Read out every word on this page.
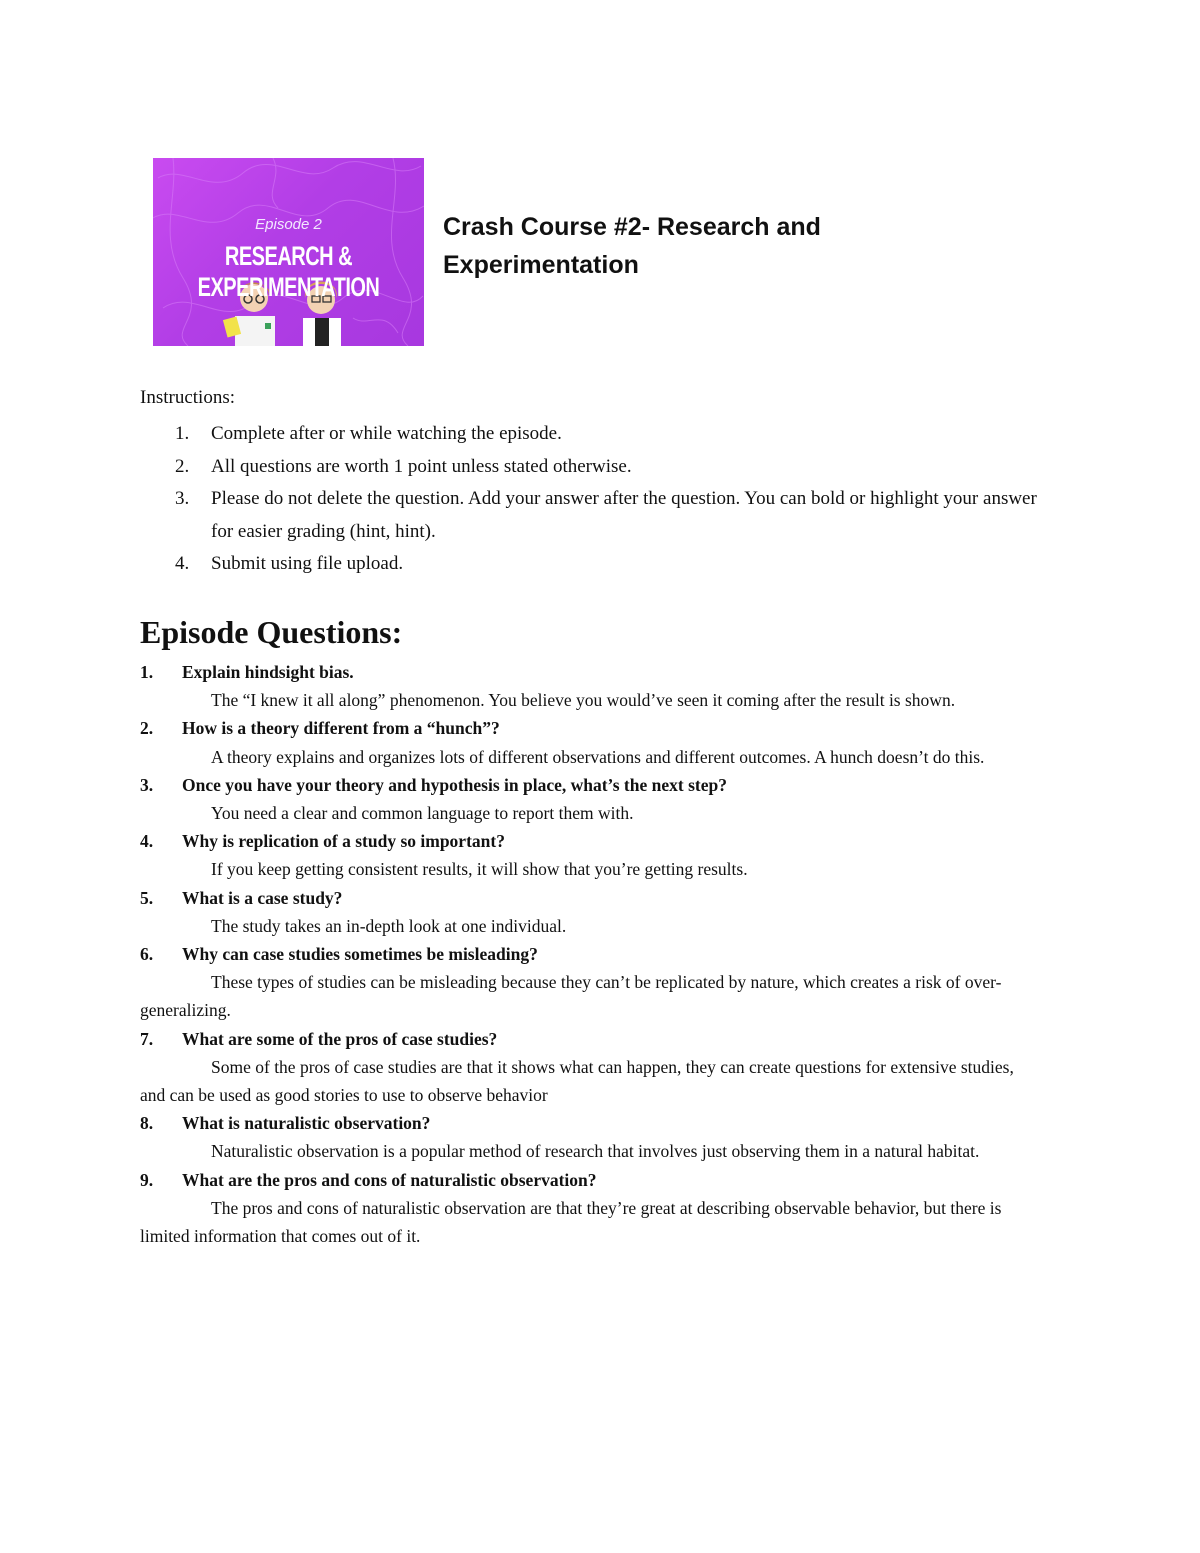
Episode 2
RESEARCH & EXPERIMENTATION
Crash Course #2- Research and
Experimentation
Instructions:
1. Complete after or while watching the episode.
2. All questions are worth 1 point unless stated otherwise.
3. Please do not delete the question. Add your answer after the question. You can bold or highlight your answer for easier grading (hint, hint).
4. Submit using file upload.
Episode Questions:
1. Explain hindsight bias.
The “I knew it all along” phenomenon. You believe you would’ve seen it coming after the result is shown.
2. How is a theory different from a “hunch”?
A theory explains and organizes lots of different observations and different outcomes. A hunch doesn’t do this.
3. Once you have your theory and hypothesis in place, what’s the next step?
You need a clear and common language to report them with.
4. Why is replication of a study so important?
If you keep getting consistent results, it will show that you’re getting results.
5. What is a case study?
The study takes an in-depth look at one individual.
6. Why can case studies sometimes be misleading?
These types of studies can be misleading because they can’t be replicated by nature, which creates a risk of over-generalizing.
7. What are some of the pros of case studies?
Some of the pros of case studies are that it shows what can happen, they can create questions for extensive studies, and can be used as good stories to use to observe behavior
8. What is naturalistic observation?
Naturalistic observation is a popular method of research that involves just observing them in a natural habitat.
9. What are the pros and cons of naturalistic observation?
The pros and cons of naturalistic observation are that they’re great at describing observable behavior, but there is limited information that comes out of it.
